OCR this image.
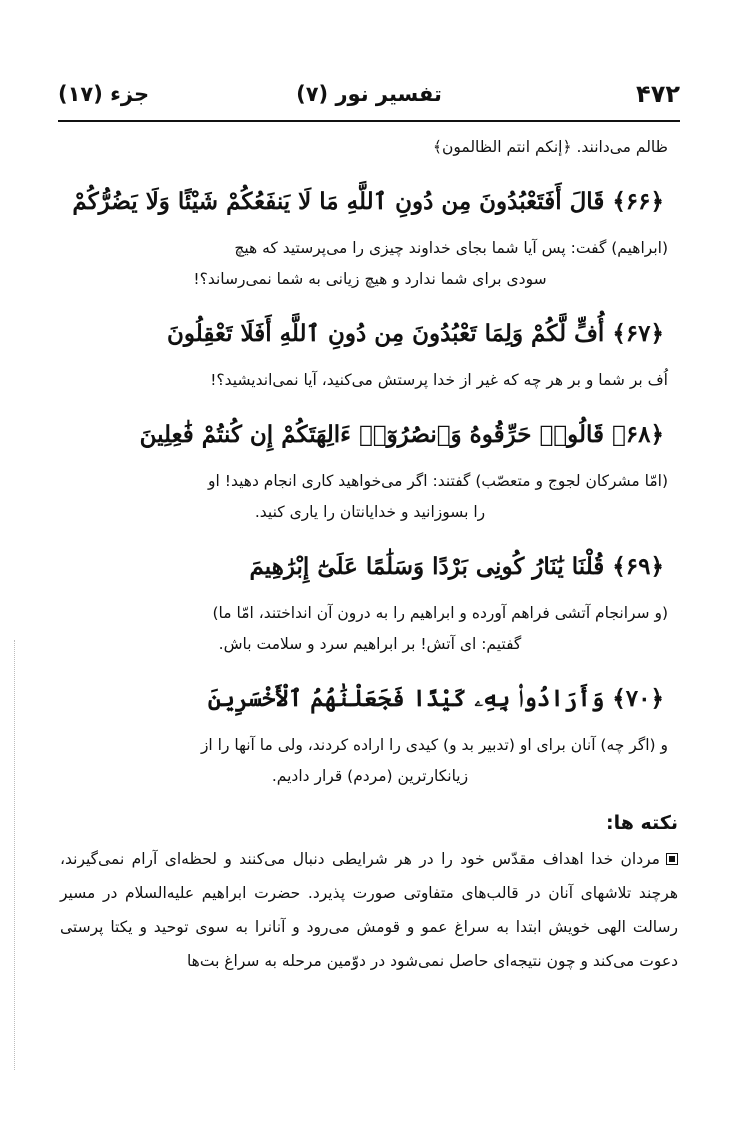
۴۷۲
تفسیر نور (۷)
جزء (۱۷)
ظالم می‌دانند. ﴿إنكم انتم الظالمون﴾
﴿۶۶﴾ قَالَ أَفَتَعْبُدُونَ مِن دُونِ ٱللَّهِ مَا لَا يَنفَعُكُمْ شَيْئًا وَلَا يَضُرُّكُمْ
(ابراهیم) گفت: پس آیا شما بجای خداوند چیزی را می‌پرستید که هیچ
سودی برای شما ندارد و هیچ زیانی به شما نمی‌رساند؟!
﴿۶۷﴾ أُفٍّ لَّكُمْ وَلِمَا تَعْبُدُونَ مِن دُونِ ٱللَّهِ أَفَلَا تَعْقِلُونَ
اُف بر شما و بر هر چه که غیر از خدا پرستش می‌کنید، آیا نمی‌اندیشید؟!
﴿۶۸﴾ قَالُوا۟ حَرِّقُوهُ وَٱنصُرُوٓا۟ ءَالِهَتَكُمْ إِن كُنتُمْ فَٰعِلِينَ
(امّا مشرکان لجوج و متعصّب) گفتند: اگر می‌خواهید کاری انجام دهید! او
را بسوزانید و خدایانتان را یاری کنید.
﴿۶۹﴾ قُلْنَا يَٰنَارُ كُونِى بَرْدًا وَسَلَٰمًا عَلَىٰٓ إِبْرَٰهِيمَ
(و سرانجام آتشی فراهم آورده و ابراهیم را به درون آن انداختند، امّا ما)
گفتیم: ای آتش! بر ابراهیم سرد و سلامت باش.
﴿۷۰﴾ وَأَرَادُوا۟ بِهِۦ كَيْدًا فَجَعَلْنَٰهُمُ ٱلْأَخْسَرِينَ
و (اگر چه) آنان برای او (تدبیر بد و) کیدی را اراده کردند، ولی ما آنها را از
زیانکارترین (مردم) قرار دادیم.
نکته ها:
مردان خدا اهداف مقدّس خود را در هر شرایطی دنبال می‌کنند و لحظه‌ای آرام نمی‌گیرند، هرچند تلاشهای آنان در قالب‌های متفاوتی صورت پذیرد. حضرت ابراهیم علیه‌السلام در مسیر رسالت الهی خویش ابتدا به سراغ عمو و قومش می‌رود و آنانرا به سوی توحید و یکتا پرستی دعوت می‌کند و چون نتیجه‌ای حاصل نمی‌شود در دوّمین مرحله به سراغ بت‌ها
